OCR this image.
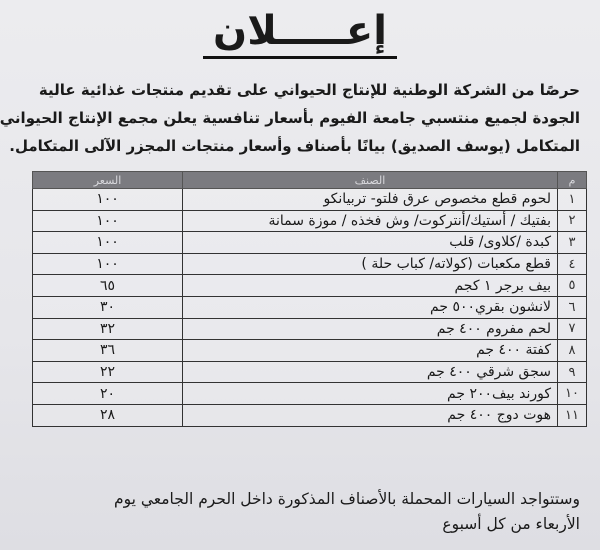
إعـــــلان

حرصًا من الشركة الوطنية للإنتاج الحيواني على تقديم منتجات غذائية عالية

الجودة لجميع منتسبي جامعة الفيوم بأسعار تنافسية يعلن مجمع الإنتاج الحيواني

المتكامل (يوسف الصديق) بيانًا بأصناف وأسعار منتجات المجزر الآلى المتكامل.

م	الصنف	السعر
١	لحوم قطع مخصوص عرق فلتو- تربيانكو	١٠٠
٢	بفتيك / أستيك/أنتركوت/ وش فخذه / موزة سمانة	١٠٠
٣	كبدة /كلاوى/ قلب	١٠٠
٤	قطع مكعبات (كولاته/ كباب حلة )	١٠٠
٥	بيف برجر ١ كجم	٦٥
٦	لانشون بقري٥٠٠ جم	٣٠
٧	لحم مفروم ٤٠٠ جم	٣٢
٨	كفتة ٤٠٠ جم	٣٦
٩	سجق شرقي ٤٠٠ جم	٢٢
١٠	كورند بيف٢٠٠ جم	٢٠
١١	هوت دوج ٤٠٠ جم	٢٨

وستتواجد السيارات المحملة بالأصناف المذكورة داخل الحرم الجامعي يوم

الأربعاء من كل أسبوع
